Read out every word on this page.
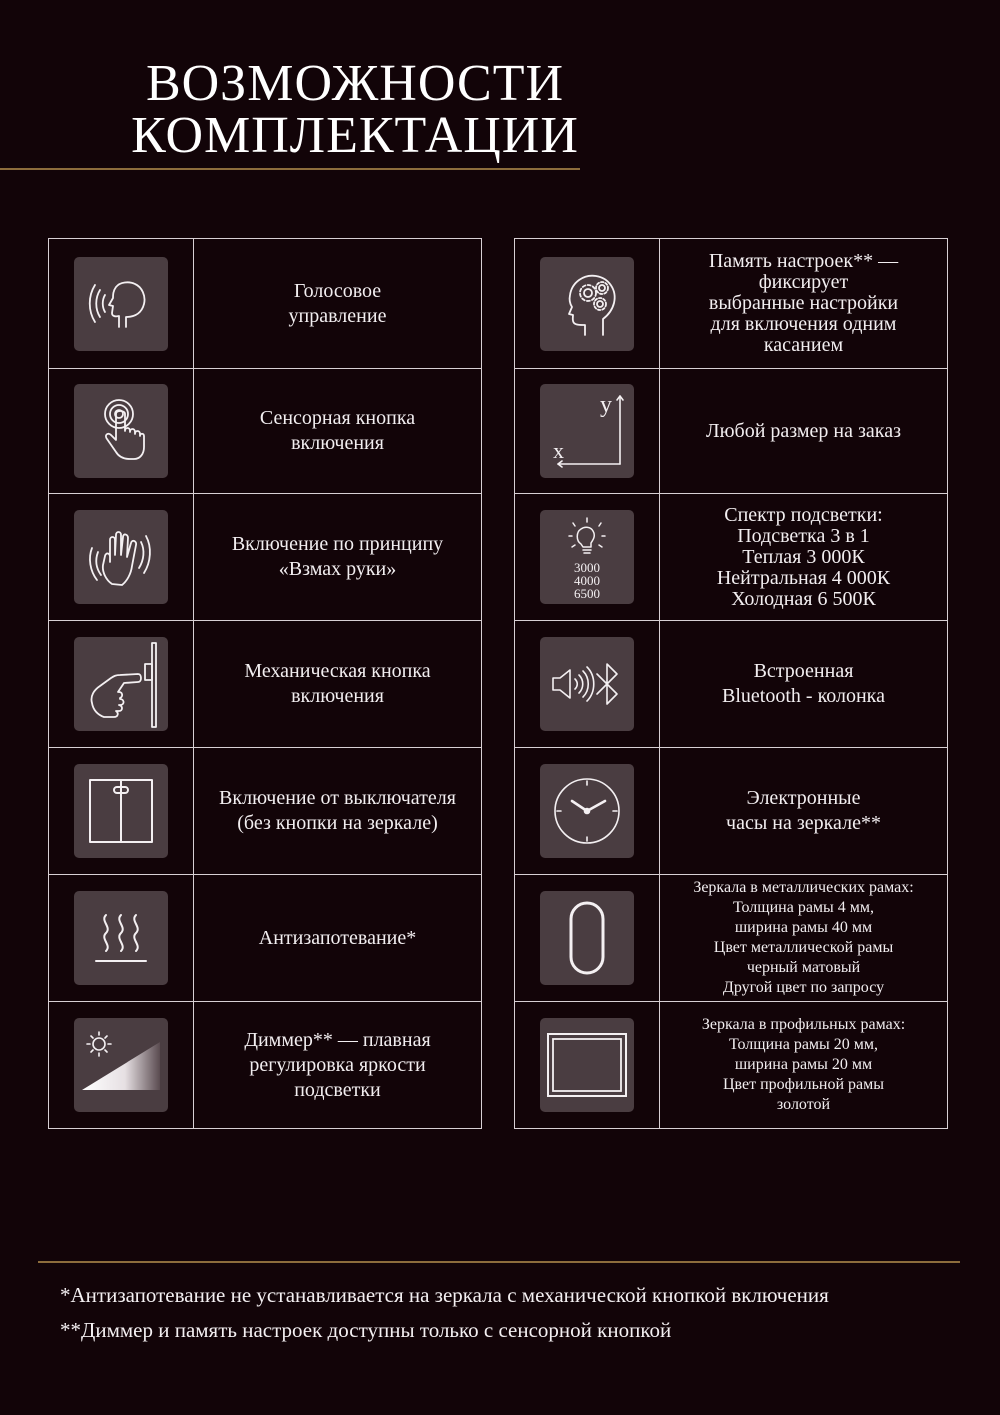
ВОЗМОЖНОСТИ
КОМПЛЕКТАЦИИ
Голосовое
управление
Сенсорная кнопка
включения
Включение по принципу
«Взмах руки»
Механическая кнопка
включения
Включение от выключателя
(без кнопки на зеркале)
Антизапотевание*
Диммер** — плавная
регулировка яркости
подсветки
Память настроек** —
фиксирует
выбранные настройки
для включения одним
касанием
y
x
Любой размер на заказ
3000
4000
6500
Спектр подсветки:
Подсветка 3 в 1
Теплая 3 000К
Нейтральная 4 000К
Холодная 6 500К
Встроенная
Bluetooth - колонка
Электронные
часы на зеркале**
Зеркала в металлических рамах:
Толщина рамы 4 мм,
ширина рамы 40 мм
Цвет металлической рамы
черный матовый
Другой цвет по запросу
Зеркала в профильных рамах:
Толщина рамы 20 мм,
ширина рамы 20 мм
Цвет профильной рамы
золотой
*Антизапотевание не устанавливается на зеркала с механической кнопкой включения
**Диммер и память настроек доступны только с сенсорной кнопкой
